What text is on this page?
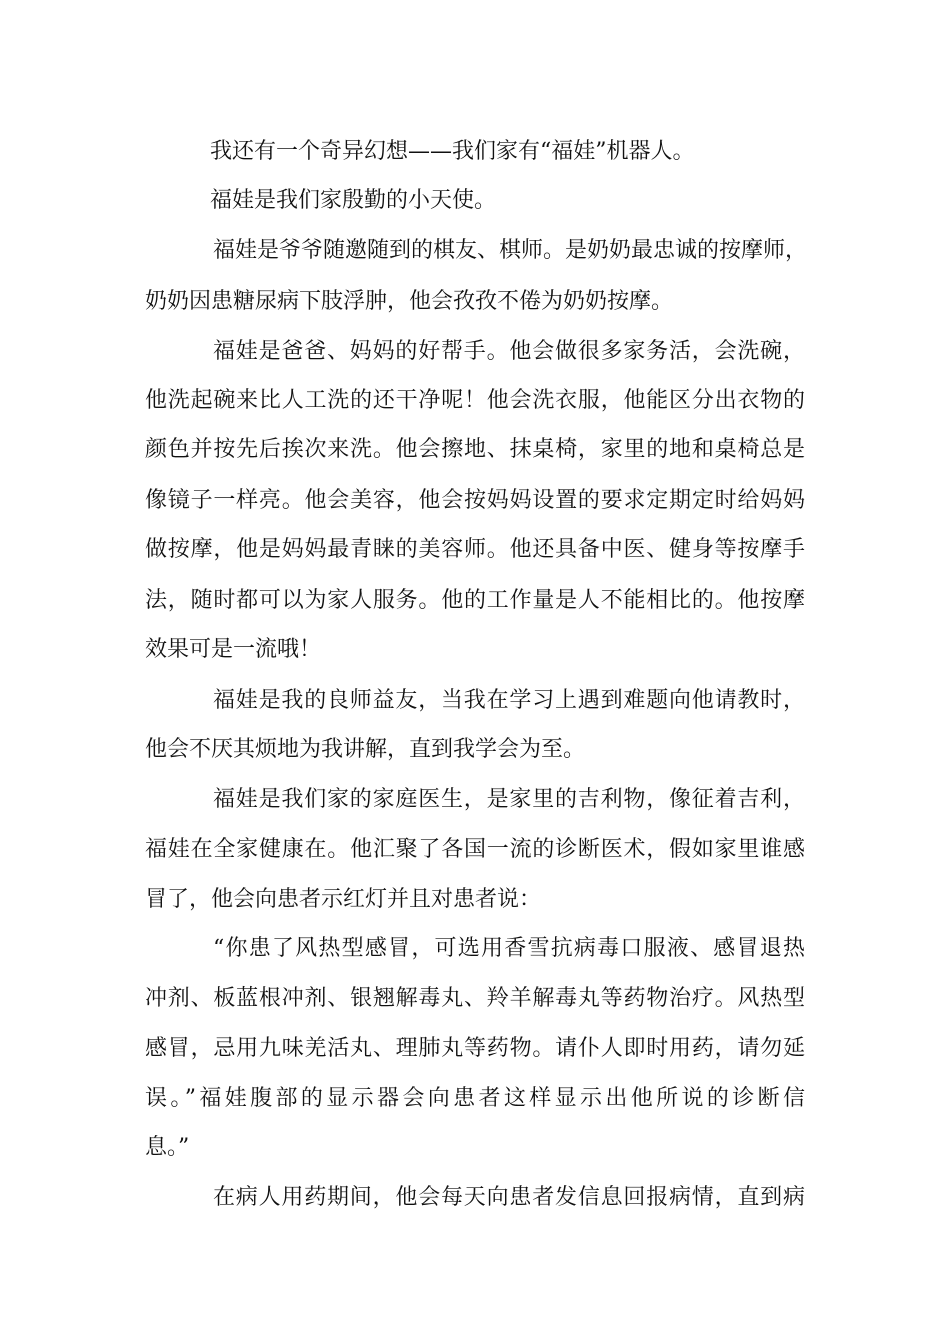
我还有一个奇异幻想——我们家有“福娃”机器人。

福娃是我们家殷勤的小天使。

福娃是爷爷随邀随到的棋友、棋师。是奶奶最忠诚的按摩师，

奶奶因患糖尿病下肢浮肿，他会孜孜不倦为奶奶按摩。

福娃是爸爸、妈妈的好帮手。他会做很多家务活，会洗碗，

他洗起碗来比人工洗的还干净呢！他会洗衣服，他能区分出衣物的

颜色并按先后挨次来洗。他会擦地、抹桌椅，家里的地和桌椅总是

像镜子一样亮。他会美容，他会按妈妈设置的要求定期定时给妈妈

做按摩，他是妈妈最青睐的美容师。他还具备中医、健身等按摩手

法，随时都可以为家人服务。他的工作量是人不能相比的。他按摩

效果可是一流哦！

福娃是我的良师益友，当我在学习上遇到难题向他请教时，

他会不厌其烦地为我讲解，直到我学会为至。

福娃是我们家的家庭医生，是家里的吉利物，像征着吉利，

福娃在全家健康在。他汇聚了各国一流的诊断医术，假如家里谁感

冒了，他会向患者示红灯并且对患者说：

“你患了风热型感冒，可选用香雪抗病毒口服液、感冒退热

冲剂、板蓝根冲剂、银翘解毒丸、羚羊解毒丸等药物治疗。风热型

感冒，忌用九味羌活丸、理肺丸等药物。请仆人即时用药，请勿延

误。”福娃腹部的显示器会向患者这样显示出他所说的诊断信

息。”

在病人用药期间，他会每天向患者发信息回报病情，直到病
